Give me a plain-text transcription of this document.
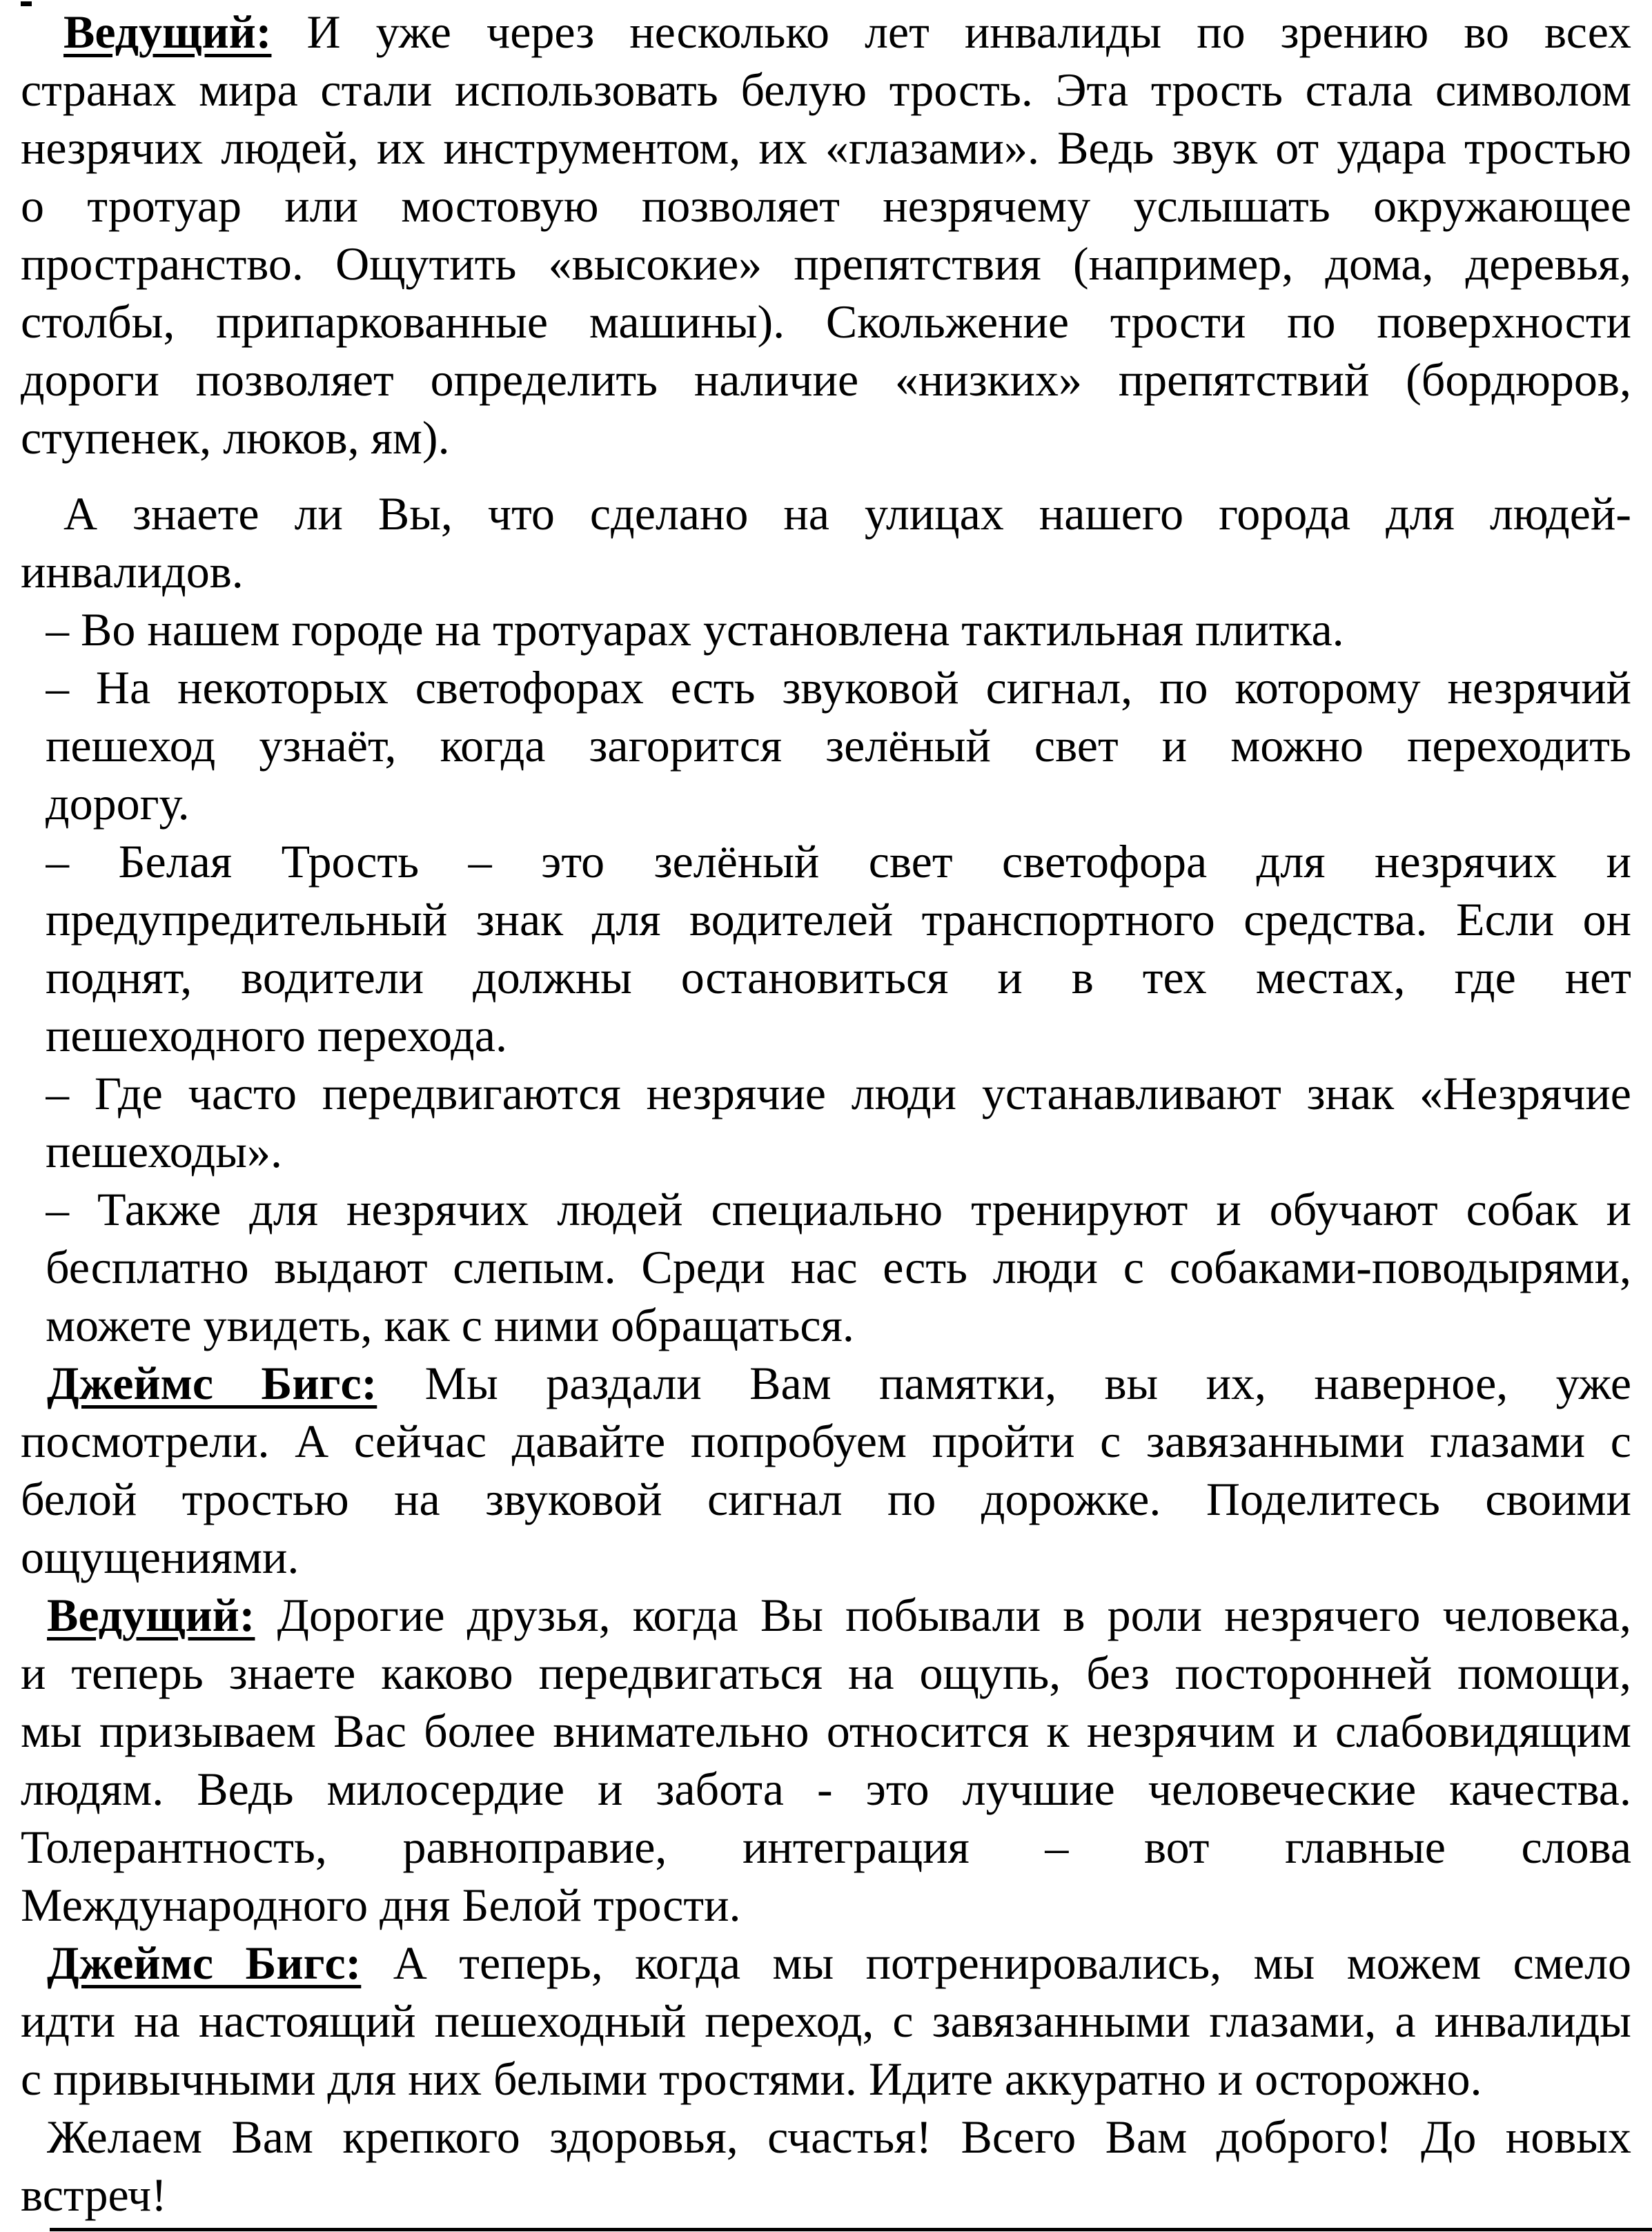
Ведущий: И уже через несколько лет инвалиды по зрению во всех
странах мира стали использовать белую трость. Эта трость стала символом
незрячих людей, их инструментом, их «глазами». Ведь звук от удара тростью
о тротуар или мостовую позволяет незрячему услышать окружающее
пространство. Ощутить «высокие» препятствия (например, дома, деревья,
столбы, припаркованные машины). Скольжение трости по поверхности
дороги позволяет определить наличие «низких» препятствий (бордюров,
ступенек, люков, ям).
А знаете ли Вы, что сделано на улицах нашего города для людей-
инвалидов.
– Во нашем городе на тротуарах установлена тактильная плитка.
– На некоторых светофорах есть звуковой сигнал, по которому незрячий
пешеход узнаёт, когда загорится зелёный свет и можно переходить
дорогу.
– Белая Трость – это зелёный свет светофора для незрячих и
предупредительный знак для водителей транспортного средства. Если он
поднят, водители должны остановиться и в тех местах, где нет
пешеходного перехода.
– Где часто передвигаются незрячие люди устанавливают знак «Незрячие
пешеходы».
– Также для незрячих людей специально тренируют и обучают собак и
бесплатно выдают слепым. Среди нас есть люди с собаками-поводырями,
можете увидеть, как с ними обращаться.
Джеймс Бигс: Мы раздали Вам памятки, вы их, наверное, уже
посмотрели. А сейчас давайте попробуем пройти с завязанными глазами с
белой тростью на звуковой сигнал по дорожке. Поделитесь своими
ощущениями.
Ведущий: Дорогие друзья, когда Вы побывали в роли незрячего человека,
и теперь знаете каково передвигаться на ощупь, без посторонней помощи,
мы призываем Вас более внимательно относится к незрячим и слабовидящим
людям. Ведь милосердие и забота - это лучшие человеческие качества.
Толерантность, равноправие, интеграция – вот главные слова
Международного дня Белой трости.
Джеймс Бигс: А теперь, когда мы потренировались, мы можем смело
идти на настоящий пешеходный переход, с завязанными глазами, а инвалиды
с привычными для них белыми тростями. Идите аккуратно и осторожно.
Желаем Вам крепкого здоровья, счастья! Всего Вам доброго! До новых
встреч!
